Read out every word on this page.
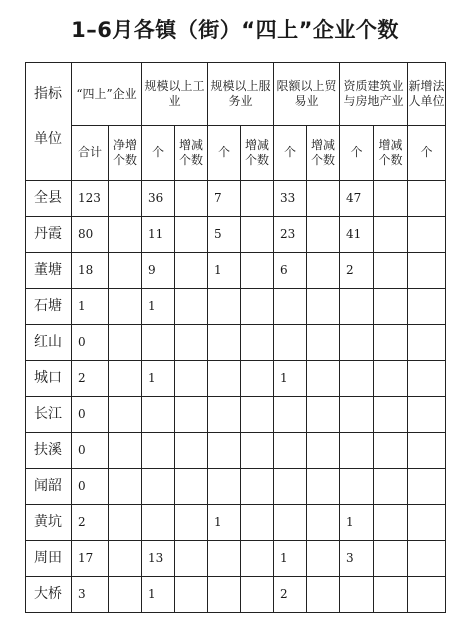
1–6月各镇（街）“四上”企业个数
指标	“四上”企业		规模以上工业		规模以上服务业		限额以上贸易业		资质建筑业与房地产业		新增法人单位
单位	合计	净增个数	个	增减个数	个	增减个数	个	增减个数	个	增减个数	个
全县	123		36		7		33		47		
丹霞	80		11		5		23		41		
董塘	18		9		1		6		2		
石塘	1		1								
红山	0										
城口	2		1				1				
长江	0										
扶溪	0										
闻韶	0										
黄坑	2				1				1		
周田	17		13				1		3		
大桥	3		1				2				
